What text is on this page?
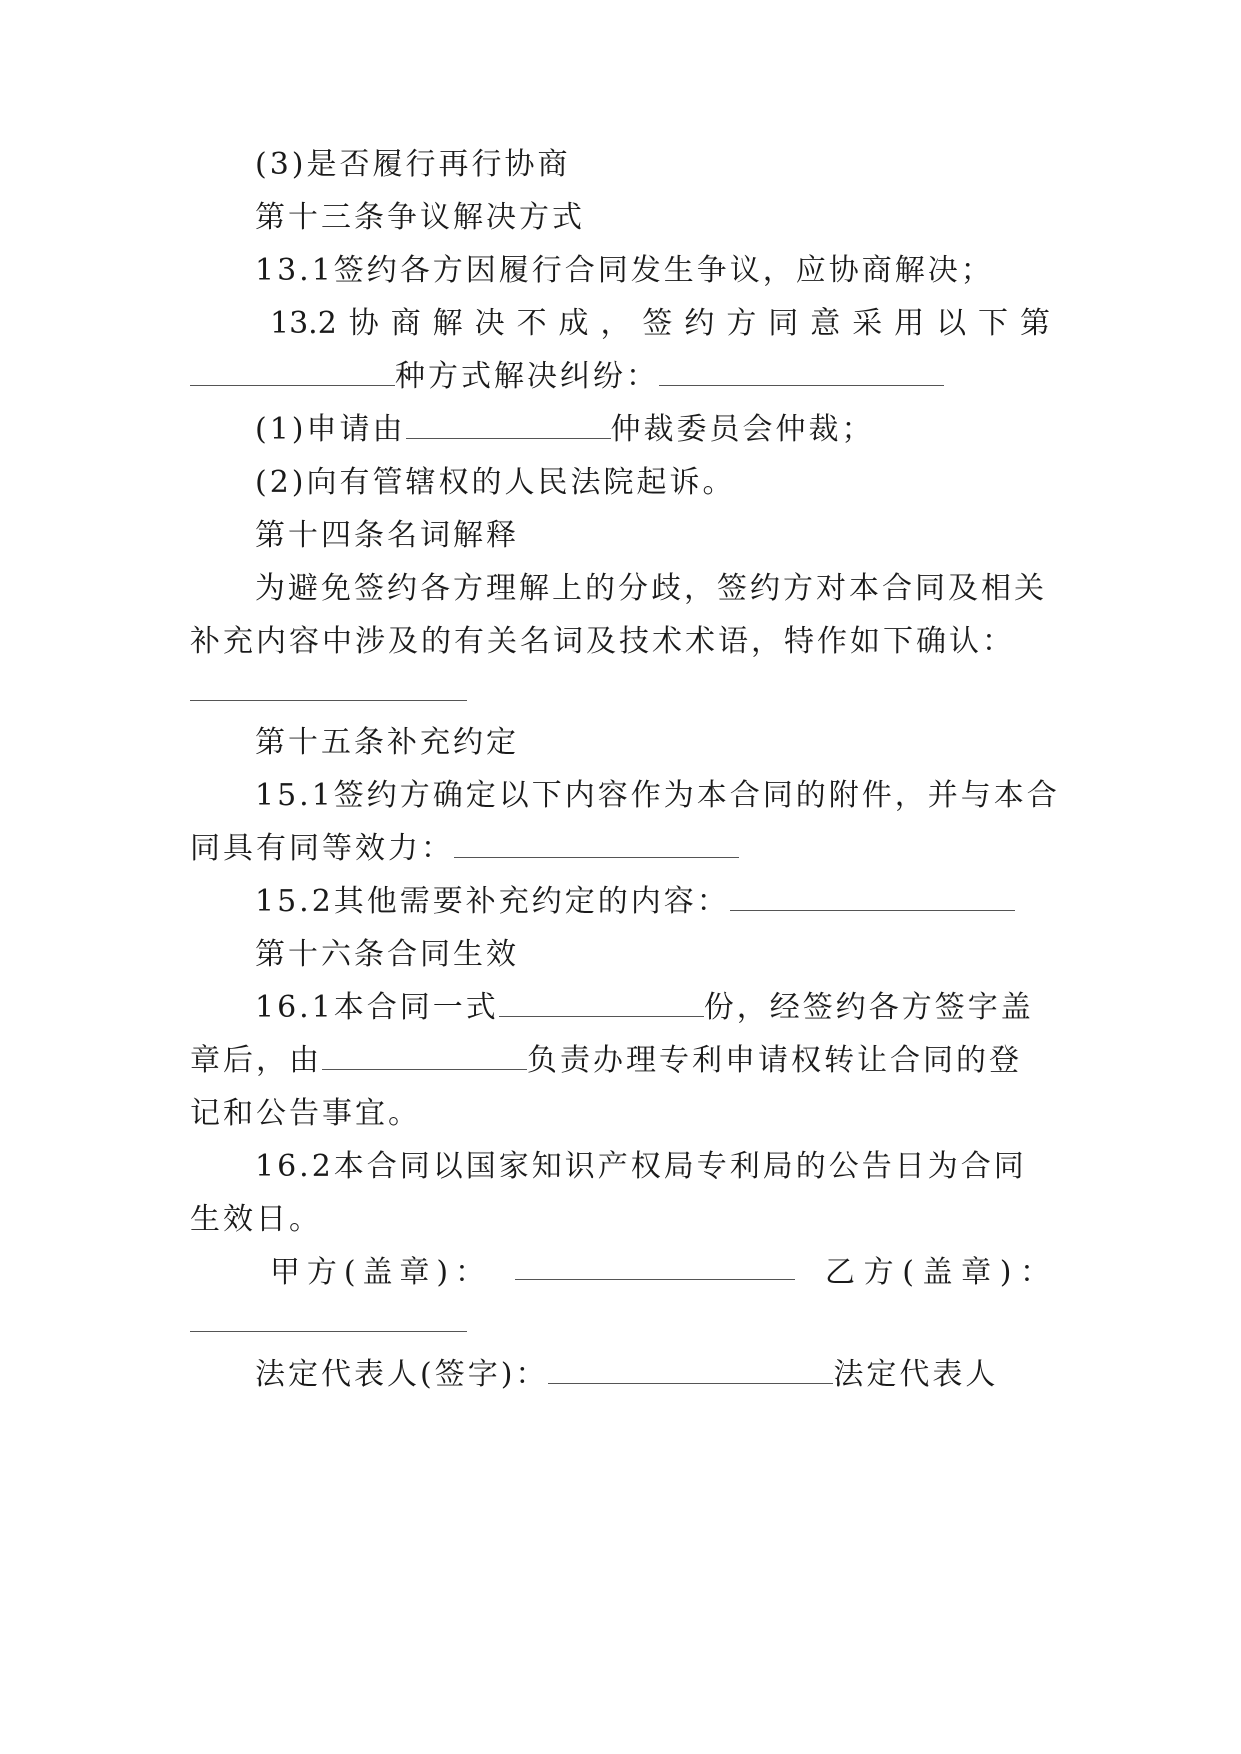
(3)是否履行再行协商
第十三条争议解决方式
13.1签约各方因履行合同发生争议，应协商解决；
13.2 协 商 解 决 不 成 ， 签 约 方 同 意 采 用 以 下 第
种方式解决纠纷：
(1)申请由	仲裁委员会仲裁；
(2)向有管辖权的人民法院起诉。
第十四条名词解释
为避免签约各方理解上的分歧，签约方对本合同及相关
补充内容中涉及的有关名词及技术术语，特作如下确认：
第十五条补充约定
15.1签约方确定以下内容作为本合同的附件，并与本合
同具有同等效力：
15.2其他需要补充约定的内容：
第十六条合同生效
16.1本合同一式	份，经签约各方签字盖
章后，由	负责办理专利申请权转让合同的登
记和公告事宜。
16.2本合同以国家知识产权局专利局的公告日为合同
生效日。
甲 方 ( 盖 章 ) ：	乙 方 ( 盖 章 ) ：
法定代表人(签字)：	法定代表人
